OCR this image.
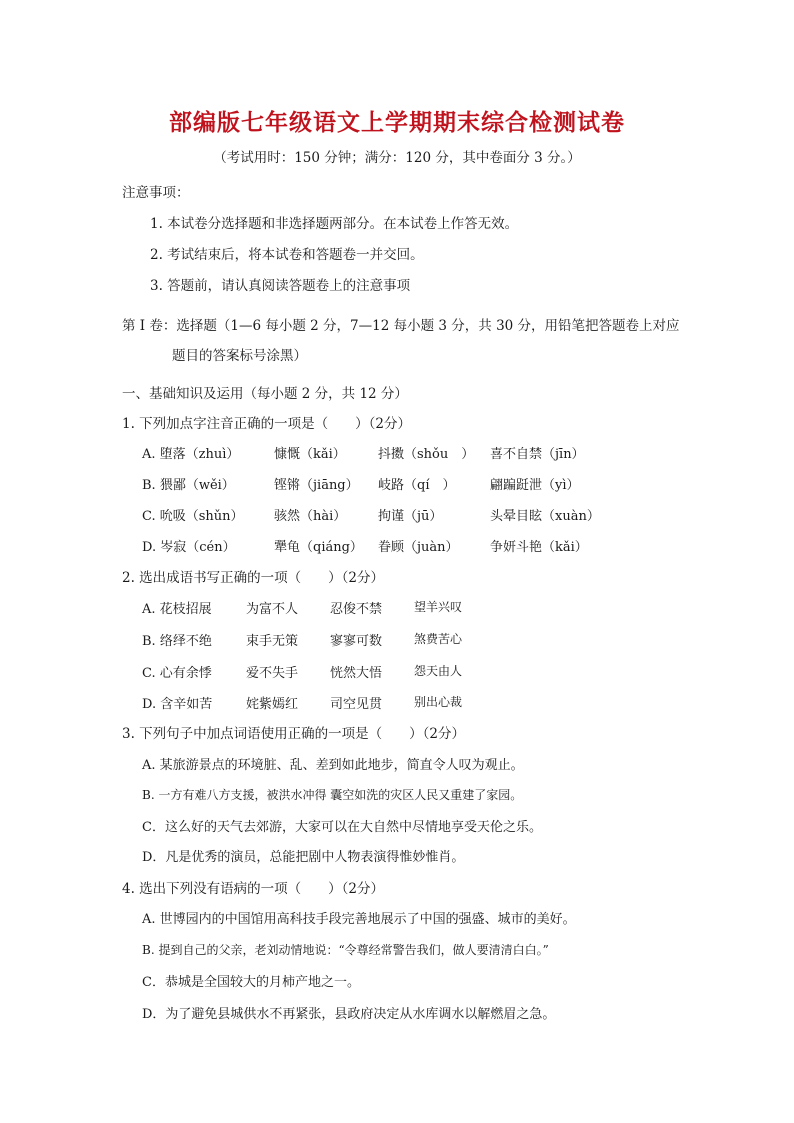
部编版七年级语文上学期期末综合检测试卷
（考试用时：150 分钟；满分：120 分，其中卷面分 3 分。）
注意事项：
1. 本试卷分选择题和非选择题两部分。在本试卷上作答无效。
2. 考试结束后，将本试卷和答题卷一并交回。
3. 答题前，请认真阅读答题卷上的注意事项
第 I 卷：选择题（1—6 每小题 2 分，7—12 每小题 3 分，共 30 分，用铅笔把答题卷上对应
题目的答案标号涂黑）
一、基础知识及运用（每小题 2 分，共 12 分）
1. 下列加点字注音正确的一项是（　　）（2分）
A. 堕落（zhuì）	慷慨（kǎi） 抖擞（shǒu　） 喜不自禁（jīn）
B. 猥鄙（wěi）	铿锵（jiāng） 岐路（qí　）	翩蹁跹泄（yì）
C. 吮吸（shǔn） 骇然（hài） 拘谨（jū）	头晕目眩（xuàn）
D. 岑寂（cén）	犟龟（qiáng） 眷顾（juàn） 争妍斗艳（kǎi）
2. 选出成语书写正确的一项（　　）（2分）
A. 花枝招展	为富不人 忍俊不禁	望羊兴叹
B. 络绎不绝	束手无策 寥寥可数	煞费苦心
C. 心有余悸	爱不失手 恍然大悟	怨天由人
D. 含辛如苦	姹紫嫣红 司空见贯	别出心裁
3. 下列句子中加点词语使用正确的一项是（　　）（2分）
A. 某旅游景点的环境脏、乱、差到如此地步，简直令人叹为观止。
B. 一方有难八方支援，被洪水冲得 囊空如洗的灾区人民又重建了家园。
C．这么好的天气去郊游，大家可以在大自然中尽情地享受天伦之乐。
D．凡是优秀的演员，总能把剧中人物表演得惟妙惟肖。
4. 选出下列没有语病的一项（　　）（2分）
A. 世博园内的中国馆用高科技手段完善地展示了中国的强盛、城市的美好。
B. 提到自己的父亲，老刘动情地说：“令尊经常警告我们，做人要清清白白。”
C．恭城是全国较大的月柿产地之一。
D．为了避免县城供水不再紧张，县政府决定从水库调水以解燃眉之急。
